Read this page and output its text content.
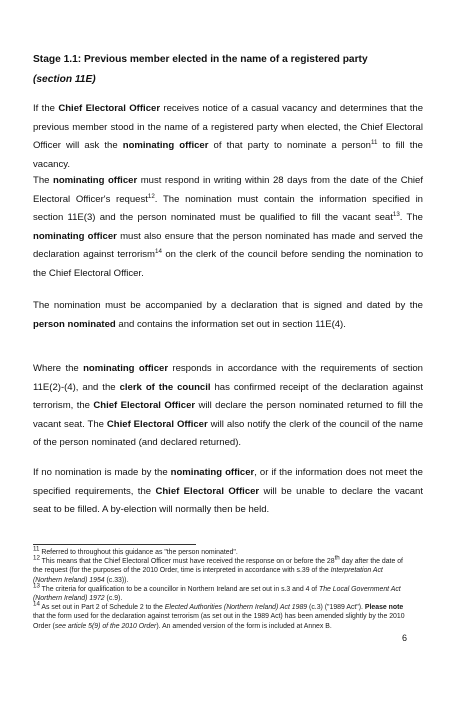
Stage 1.1: Previous member elected in the name of a registered party
(section 11E)

If the Chief Electoral Officer receives notice of a casual vacancy and determines that the previous member stood in the name of a registered party when elected, the Chief Electoral Officer will ask the nominating officer of that party to nominate a person$^{11}$ to fill the vacancy.

The nominating officer must respond in writing within 28 days from the date of the Chief Electoral Officer's request$^{12}$. The nomination must contain the information specified in section 11E(3) and the person nominated must be qualified to fill the vacant seat$^{13}$. The nominating officer must also ensure that the person nominated has made and served the declaration against terrorism$^{14}$ on the clerk of the council before sending the nomination to the Chief Electoral Officer.

The nomination must be accompanied by a declaration that is signed and dated by the person nominated and contains the information set out in section 11E(4).

Where the nominating officer responds in accordance with the requirements of section 11E(2)-(4), and the clerk of the council has confirmed receipt of the declaration against terrorism, the Chief Electoral Officer will declare the person nominated returned to fill the vacant seat. The Chief Electoral Officer will also notify the clerk of the council of the name of the person nominated (and declared returned).

If no nomination is made by the nominating officer, or if the information does not meet the specified requirements, the Chief Electoral Officer will be unable to declare the vacant seat to be filled. A by-election will normally then be held.

$^{11}$ Referred to throughout this guidance as "the person nominated".

$^{12}$ This means that the Chief Electoral Officer must have received the response on or before the 28th day after the date of the request (for the purposes of the 2010 Order, time is interpreted in accordance with s.39 of the Interpretation Act (Northern Ireland) 1954 (c.33)).

$^{13}$ The criteria for qualification to be a councillor in Northern Ireland are set out in s.3 and 4 of The Local Government Act (Northern Ireland) 1972 (c.9).

$^{14}$ As set out in Part 2 of Schedule 2 to the Elected Authorities (Northern Ireland) Act 1989 (c.3) ("1989 Act"). Please note that the form used for the declaration against terrorism (as set out in the 1989 Act) has been amended slightly by the 2010 Order (see article 5(9) of the 2010 Order). An amended version of the form is included at Annex B.

6
